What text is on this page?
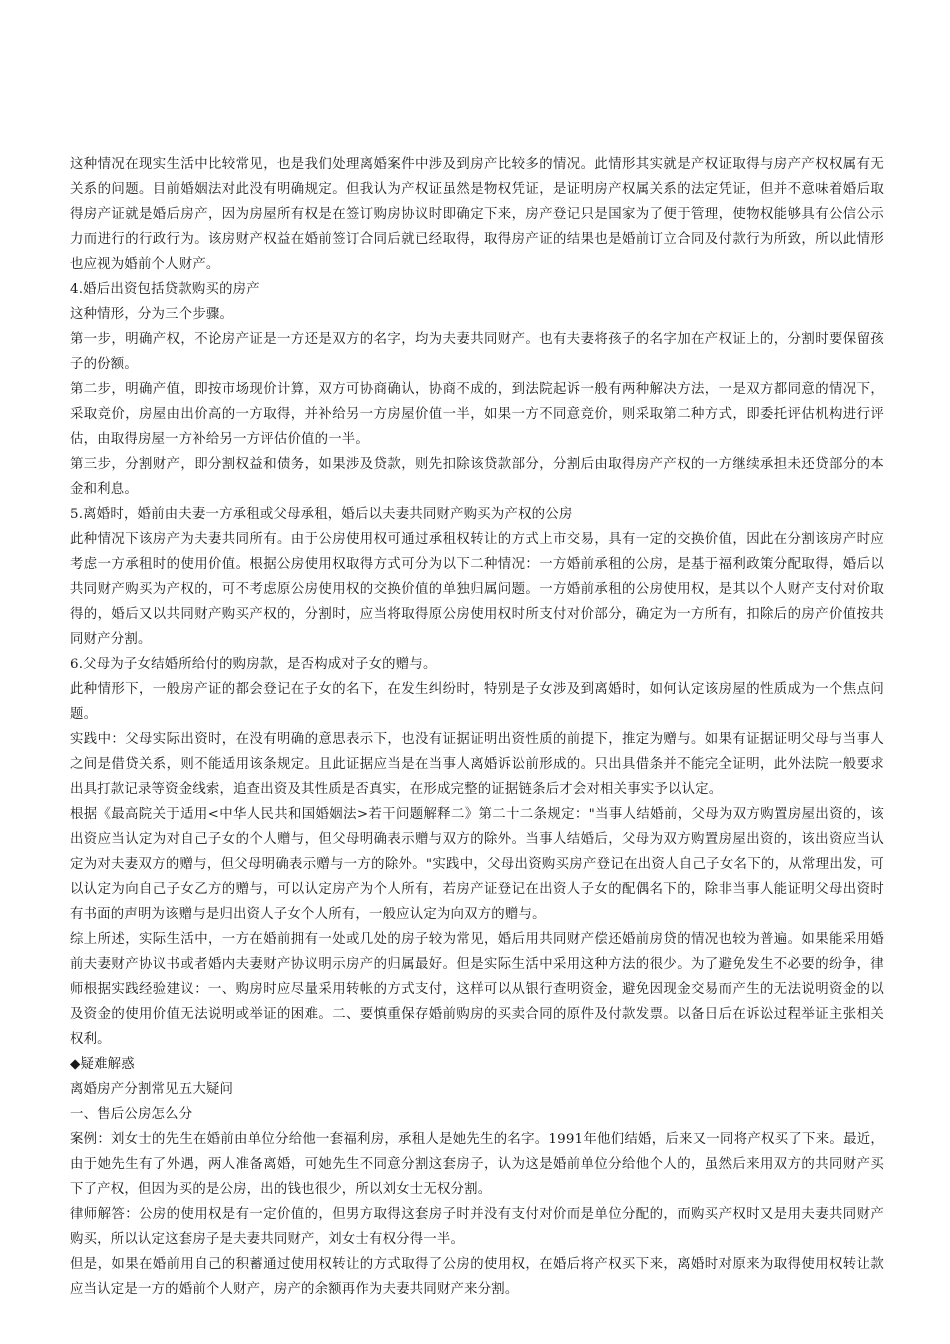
这种情况在现实生活中比较常见，也是我们处理离婚案件中涉及到房产比较多的情况。此情形其实就是产权证取得与房产产权权属有无关系的问题。目前婚姻法对此没有明确规定。但我认为产权证虽然是物权凭证，是证明房产权属关系的法定凭证，但并不意味着婚后取得房产证就是婚后房产，因为房屋所有权是在签订购房协议时即确定下来，房产登记只是国家为了便于管理，使物权能够具有公信公示力而进行的行政行为。该房财产权益在婚前签订合同后就已经取得，取得房产证的结果也是婚前订立合同及付款行为所致，所以此情形也应视为婚前个人财产。

4.婚后出资包括贷款购买的房产

这种情形，分为三个步骤。

第一步，明确产权，不论房产证是一方还是双方的名字，均为夫妻共同财产。也有夫妻将孩子的名字加在产权证上的，分割时要保留孩子的份额。

第二步，明确产值，即按市场现价计算，双方可协商确认，协商不成的，到法院起诉一般有两种解决方法，一是双方都同意的情况下，采取竞价，房屋由出价高的一方取得，并补给另一方房屋价值一半，如果一方不同意竞价，则采取第二种方式，即委托评估机构进行评估，由取得房屋一方补给另一方评估价值的一半。

第三步，分割财产，即分割权益和债务，如果涉及贷款，则先扣除该贷款部分，分割后由取得房产产权的一方继续承担未还贷部分的本金和利息。

5.离婚时，婚前由夫妻一方承租或父母承租，婚后以夫妻共同财产购买为产权的公房

此种情况下该房产为夫妻共同所有。由于公房使用权可通过承租权转让的方式上市交易，具有一定的交换价值，因此在分割该房产时应考虑一方承租时的使用价值。根据公房使用权取得方式可分为以下二种情况：一方婚前承租的公房，是基于福利政策分配取得，婚后以共同财产购买为产权的，可不考虑原公房使用权的交换价值的单独归属问题。一方婚前承租的公房使用权，是其以个人财产支付对价取得的，婚后又以共同财产购买产权的，分割时，应当将取得原公房使用权时所支付对价部分，确定为一方所有，扣除后的房产价值按共同财产分割。

6.父母为子女结婚所给付的购房款，是否构成对子女的赠与。

此种情形下，一般房产证的都会登记在子女的名下，在发生纠纷时，特别是子女涉及到离婚时，如何认定该房屋的性质成为一个焦点问题。

实践中：父母实际出资时，在没有明确的意思表示下，也没有证据证明出资性质的前提下，推定为赠与。如果有证据证明父母与当事人之间是借贷关系，则不能适用该条规定。且此证据应当是在当事人离婚诉讼前形成的。只出具借条并不能完全证明，此外法院一般要求出具打款记录等资金线索，追查出资及其性质是否真实，在形成完整的证据链条后才会对相关事实予以认定。

根据《最高院关于适用<中华人民共和国婚姻法>若干问题解释二》第二十二条规定："当事人结婚前，父母为双方购置房屋出资的，该出资应当认定为对自己子女的个人赠与，但父母明确表示赠与双方的除外。当事人结婚后，父母为双方购置房屋出资的，该出资应当认定为对夫妻双方的赠与，但父母明确表示赠与一方的除外。"实践中，父母出资购买房产登记在出资人自己子女名下的，从常理出发，可以认定为向自己子女乙方的赠与，可以认定房产为个人所有，若房产证登记在出资人子女的配偶名下的，除非当事人能证明父母出资时有书面的声明为该赠与是归出资人子女个人所有，一般应认定为向双方的赠与。

综上所述，实际生活中，一方在婚前拥有一处或几处的房子较为常见，婚后用共同财产偿还婚前房贷的情况也较为普遍。如果能采用婚前夫妻财产协议书或者婚内夫妻财产协议明示房产的归属最好。但是实际生活中采用这种方法的很少。为了避免发生不必要的纷争，律师根据实践经验建议：一、购房时应尽量采用转帐的方式支付，这样可以从银行查明资金，避免因现金交易而产生的无法说明资金的以及资金的使用价值无法说明或举证的困难。二、要慎重保存婚前购房的买卖合同的原件及付款发票。以备日后在诉讼过程举证主张相关权利。

◆疑难解惑

离婚房产分割常见五大疑问

一、售后公房怎么分

案例：刘女士的先生在婚前由单位分给他一套福利房，承租人是她先生的名字。1991年他们结婚，后来又一同将产权买了下来。最近，由于她先生有了外遇，两人准备离婚，可她先生不同意分割这套房子，认为这是婚前单位分给他个人的，虽然后来用双方的共同财产买下了产权，但因为买的是公房，出的钱也很少，所以刘女士无权分割。

律师解答：公房的使用权是有一定价值的，但男方取得这套房子时并没有支付对价而是单位分配的，而购买产权时又是用夫妻共同财产购买，所以认定这套房子是夫妻共同财产，刘女士有权分得一半。

但是，如果在婚前用自己的积蓄通过使用权转让的方式取得了公房的使用权，在婚后将产权买下来，离婚时对原来为取得使用权转让款应当认定是一方的婚前个人财产，房产的余额再作为夫妻共同财产来分割。
